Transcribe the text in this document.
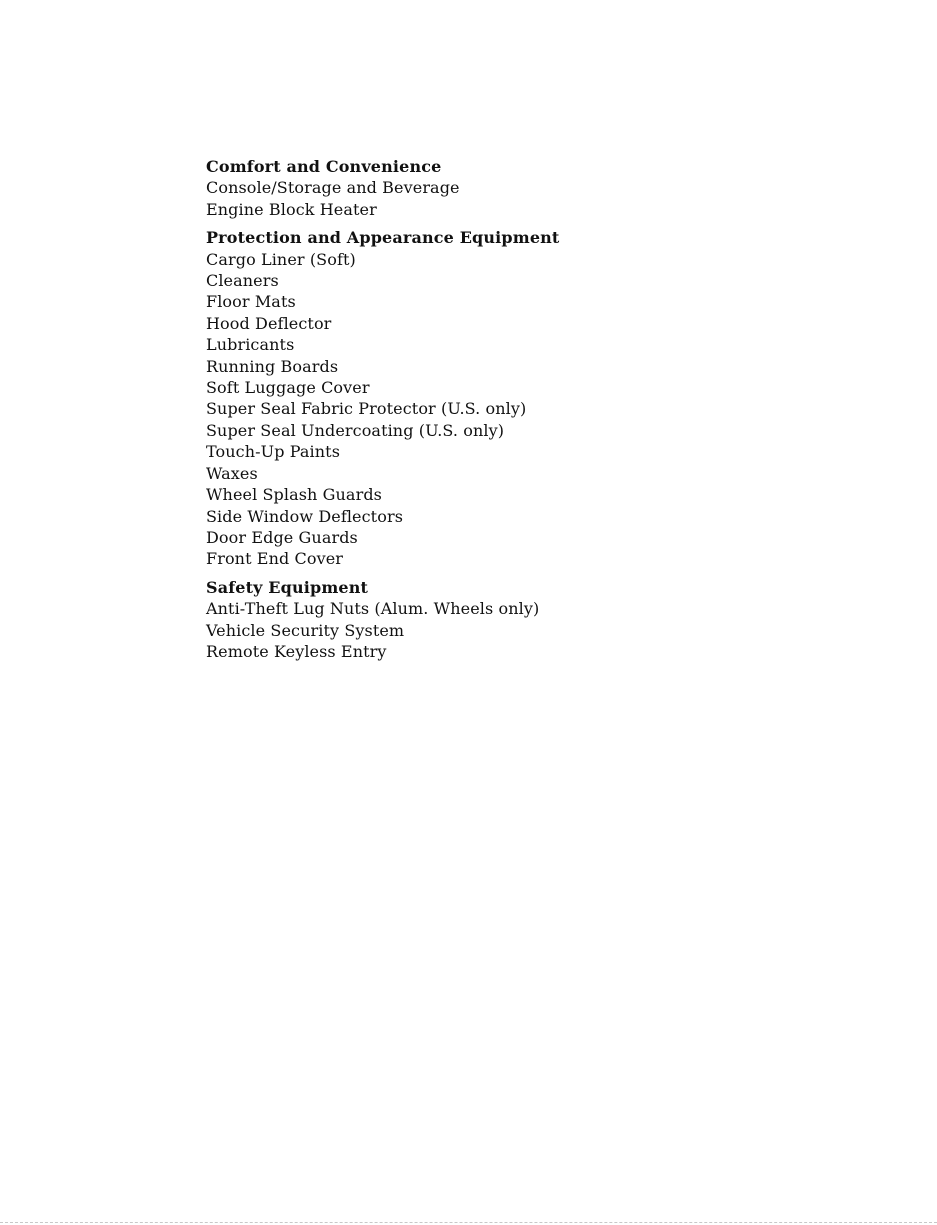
Comfort and Convenience
Console/Storage and Beverage
Engine Block Heater
Protection and Appearance Equipment
Cargo Liner (Soft)
Cleaners
Floor Mats
Hood Deflector
Lubricants
Running Boards
Soft Luggage Cover
Super Seal Fabric Protector (U.S. only)
Super Seal Undercoating (U.S. only)
Touch-Up Paints
Waxes
Wheel Splash Guards
Side Window Deflectors
Door Edge Guards
Front End Cover
Safety Equipment
Anti-Theft Lug Nuts (Alum. Wheels only)
Vehicle Security System
Remote Keyless Entry
